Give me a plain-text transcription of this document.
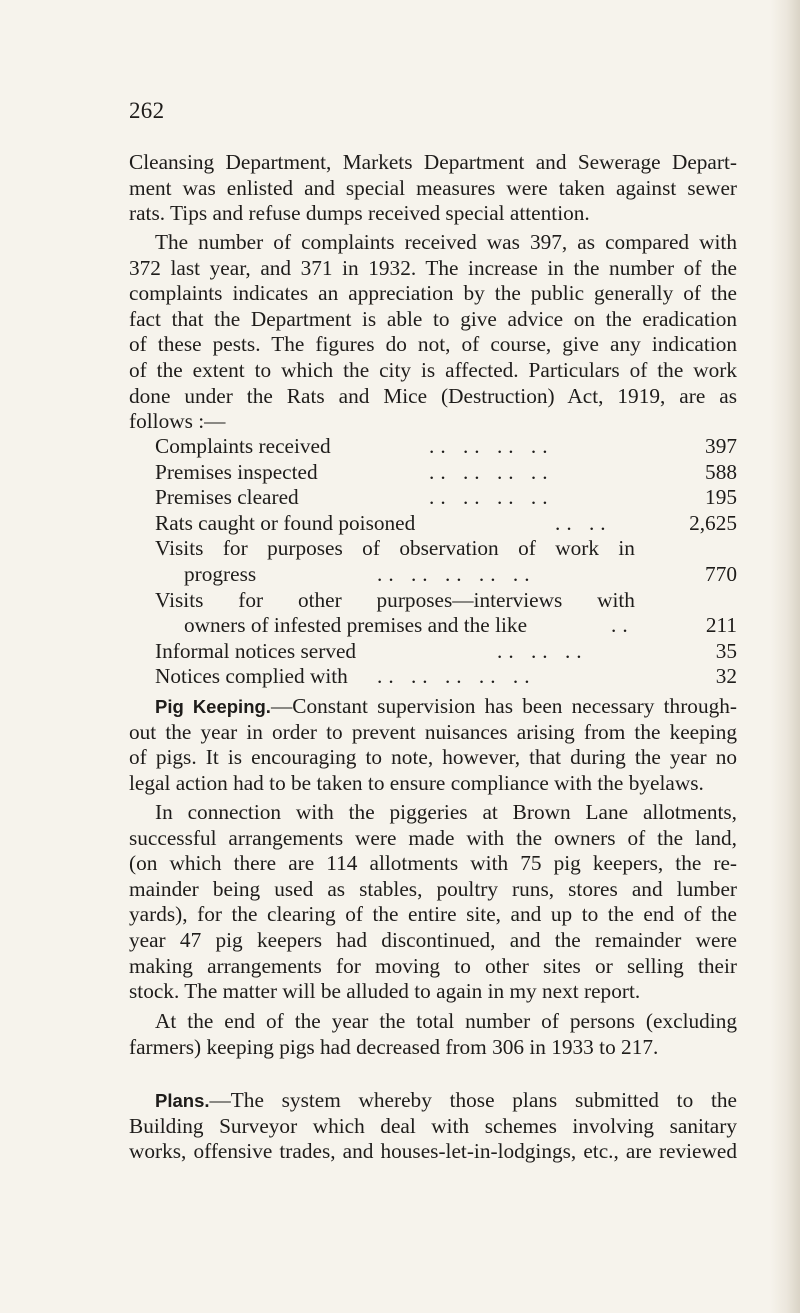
262

Cleansing Department, Markets Department and Sewerage Depart-

ment was enlisted and special measures were taken against sewer

rats. Tips and refuse dumps received special attention.

The number of complaints received was 397, as compared with

372 last year, and 371 in 1932. The increase in the number of the

complaints indicates an appreciation by the public generally of the

fact that the Department is able to give advice on the eradication

of these pests. The figures do not, of course, give any indication

of the extent to which the city is affected. Particulars of the work

done under the Rats and Mice (Destruction) Act, 1919, are as

follows :—

Complaints received	.. .. .. ..	397
Premises inspected	.. .. .. ..	588
Premises cleared	.. .. .. ..	195
Rats caught or found poisoned	.. ..	2,625
Visits for purposes of observation of work in
progress	.. .. .. .. ..	770
Visits for other purposes—interviews with
owners of infested premises and the like	..	211
Informal notices served	.. .. ..	35
Notices complied with .. .. .. .. ..	32

Pig Keeping.—Constant supervision has been necessary through-

out the year in order to prevent nuisances arising from the keeping

of pigs. It is encouraging to note, however, that during the year no

legal action had to be taken to ensure compliance with the byelaws.

In connection with the piggeries at Brown Lane allotments,

successful arrangements were made with the owners of the land,

(on which there are 114 allotments with 75 pig keepers, the re-

mainder being used as stables, poultry runs, stores and lumber

yards), for the clearing of the entire site, and up to the end of the

year 47 pig keepers had discontinued, and the remainder were

making arrangements for moving to other sites or selling their

stock. The matter will be alluded to again in my next report.

At the end of the year the total number of persons (excluding

farmers) keeping pigs had decreased from 306 in 1933 to 217.

Plans.—The system whereby those plans submitted to the

Building Surveyor which deal with schemes involving sanitary

works, offensive trades, and houses-let-in-lodgings, etc., are reviewed
